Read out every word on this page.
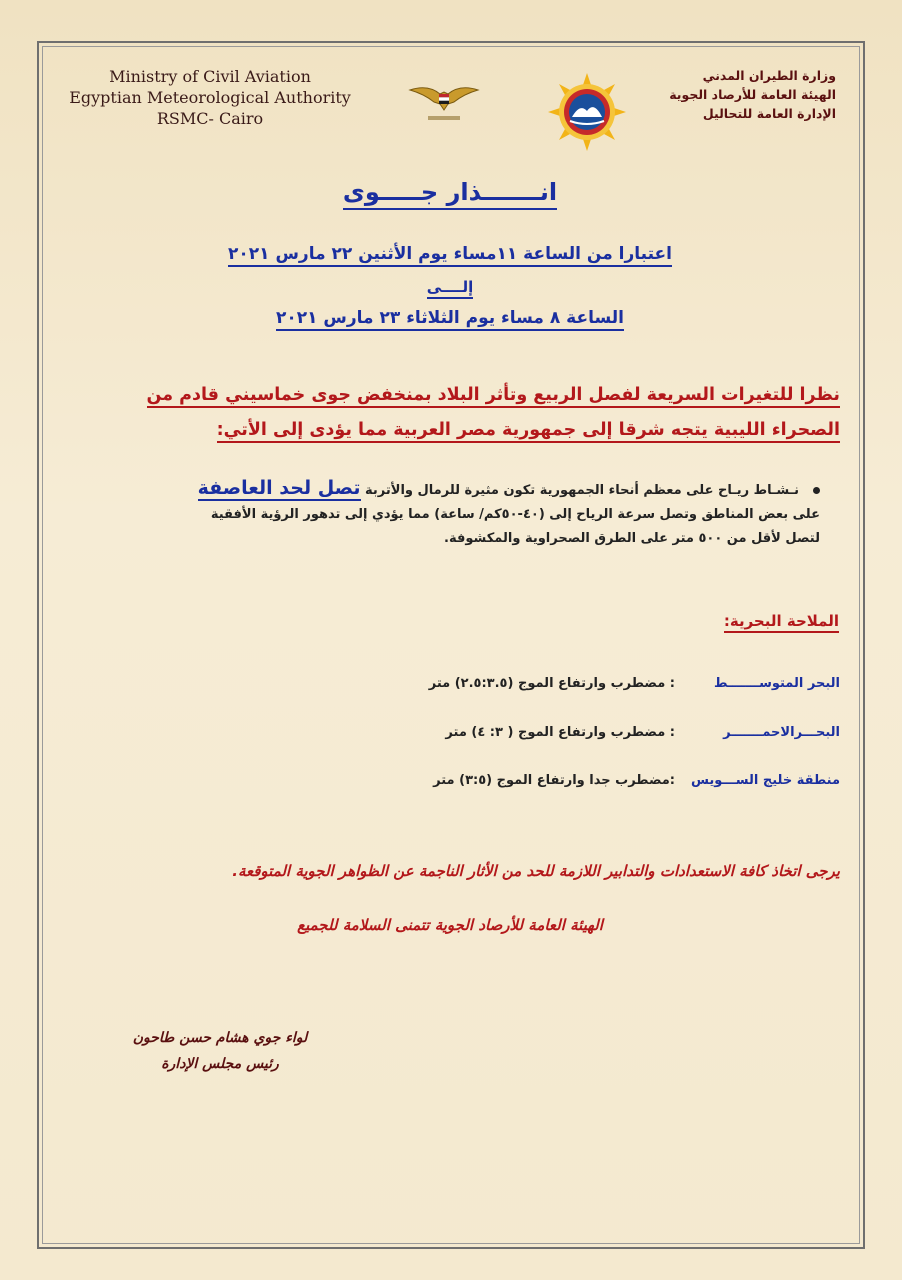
Ministry of Civil Aviation
Egyptian Meteorological Authority
RSMC- Cairo
وزارة الطيران المدني
الهيئة العامة للأرصاد الجوية
الإدارة العامة للتحاليل
انـــــــذار جـــــوى
اعتبارا من الساعة ١١مساء يوم الأثنين ٢٢ مارس ٢٠٢١
إلــــى
الساعة ٨ مساء يوم الثلاثاء ٢٣ مارس ٢٠٢١
نظرا للتغيرات السريعة لفصل الربيع وتأثر البلاد بمنخفض جوى خماسيني قادم من
الصحراء الليبية يتجه شرقا إلى جمهورية مصر العربية مما يؤدى إلى الأتي:
نـشـاط ريـاح على معظم أنحاء الجمهورية تكون مثيرة للرمال والأتربة تصل لحد العاصفة
على بعض المناطق وتصل سرعة الرياح إلى (٤٠-٥٠كم/ ساعة) مما يؤدي إلى تدهور الرؤية الأفقية
لتصل لأقل من ٥٠٠ متر على الطرق الصحراوية والمكشوفة.
الملاحة البحرية:
البحر المتوســـــــط: مضطرب وارتفاع الموج (٢.٥:٣.٥) متر
البحـــرالاحمـــــــر: مضطرب وارتفاع الموج ( ٣: ٤) متر
منطقة خليج الســـويس:مضطرب جدا وارتفاع الموج (٣:٥) متر
يرجى اتخاذ كافة الاستعدادات والتدابير اللازمة للحد من الأثار الناجمة عن الظواهر الجوية المتوقعة.
الهيئة العامة للأرصاد الجوية تتمنى السلامة للجميع
لواء جوي هشام حسن طاحون
رئيس مجلس الإدارة
